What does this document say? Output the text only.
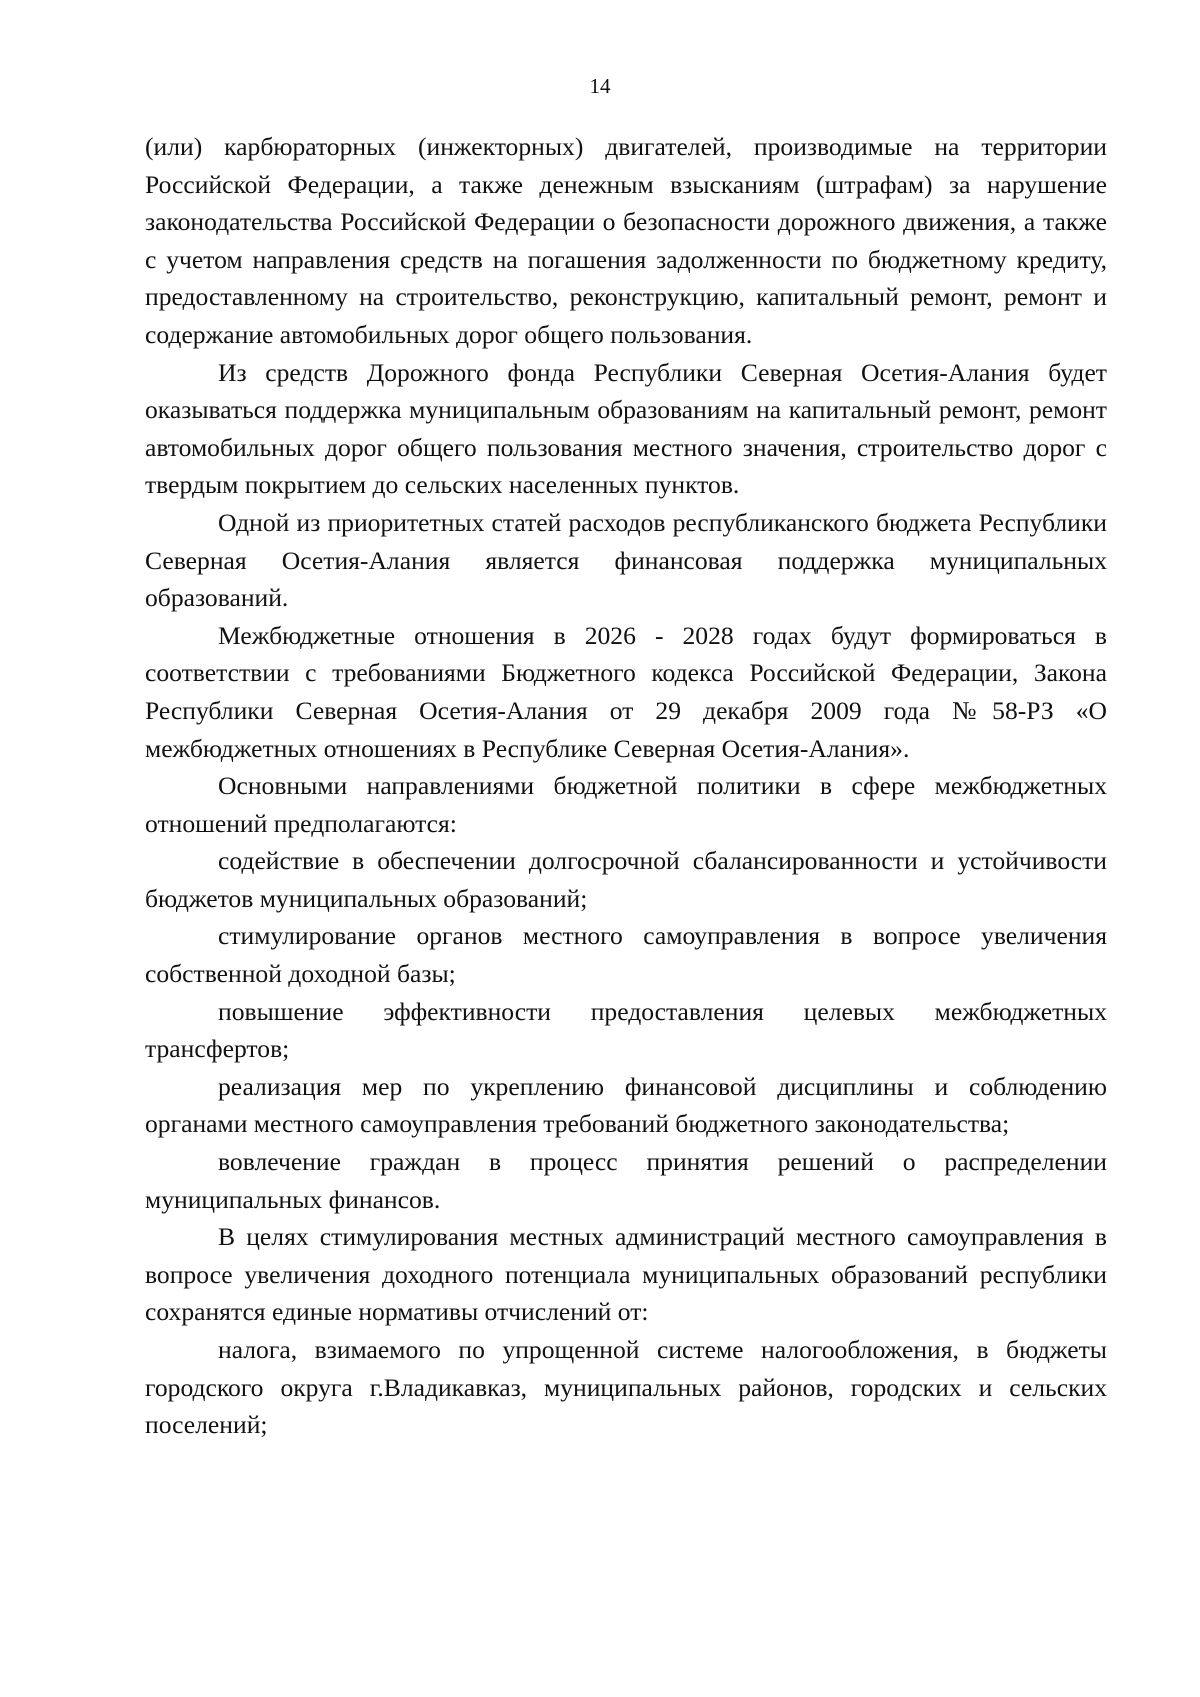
14

(или) карбюраторных (инжекторных) двигателей, производимые на территории Российской Федерации, а также денежным взысканиям (штрафам) за нарушение законодательства Российской Федерации о безопасности дорожного движения, а также с учетом направления средств на погашения задолженности по бюджетному кредиту, предоставленному на строительство, реконструкцию, капитальный ремонт, ремонт и содержание автомобильных дорог общего пользования.

Из средств Дорожного фонда Республики Северная Осетия-Алания будет оказываться поддержка муниципальным образованиям на капитальный ремонт, ремонт автомобильных дорог общего пользования местного значения, строительство дорог с твердым покрытием до сельских населенных пунктов.

Одной из приоритетных статей расходов республиканского бюджета Республики Северная Осетия-Алания является финансовая поддержка муниципальных образований.

Межбюджетные отношения в 2026 - 2028 годах будут формироваться в соответствии с требованиями Бюджетного кодекса Российской Федерации, Закона Республики Северная Осетия-Алания от 29 декабря 2009 года №58-РЗ «О межбюджетных отношениях в Республике Северная Осетия-Алания».

Основными направлениями бюджетной политики в сфере межбюджетных отношений предполагаются:

содействие в обеспечении долгосрочной сбалансированности и устойчивости бюджетов муниципальных образований;

стимулирование органов местного самоуправления в вопросе увеличения собственной доходной базы;

повышение эффективности предоставления целевых межбюджетных трансфертов;

реализация мер по укреплению финансовой дисциплины и соблюдению органами местного самоуправления требований бюджетного законодательства;

вовлечение граждан в процесс принятия решений о распределении муниципальных финансов.

В целях стимулирования местных администраций местного самоуправления в вопросе увеличения доходного потенциала муниципальных образований республики сохранятся единые нормативы отчислений от:

налога, взимаемого по упрощенной системе налогообложения, в бюджеты городского округа г.Владикавказ, муниципальных районов, городских и сельских поселений;
